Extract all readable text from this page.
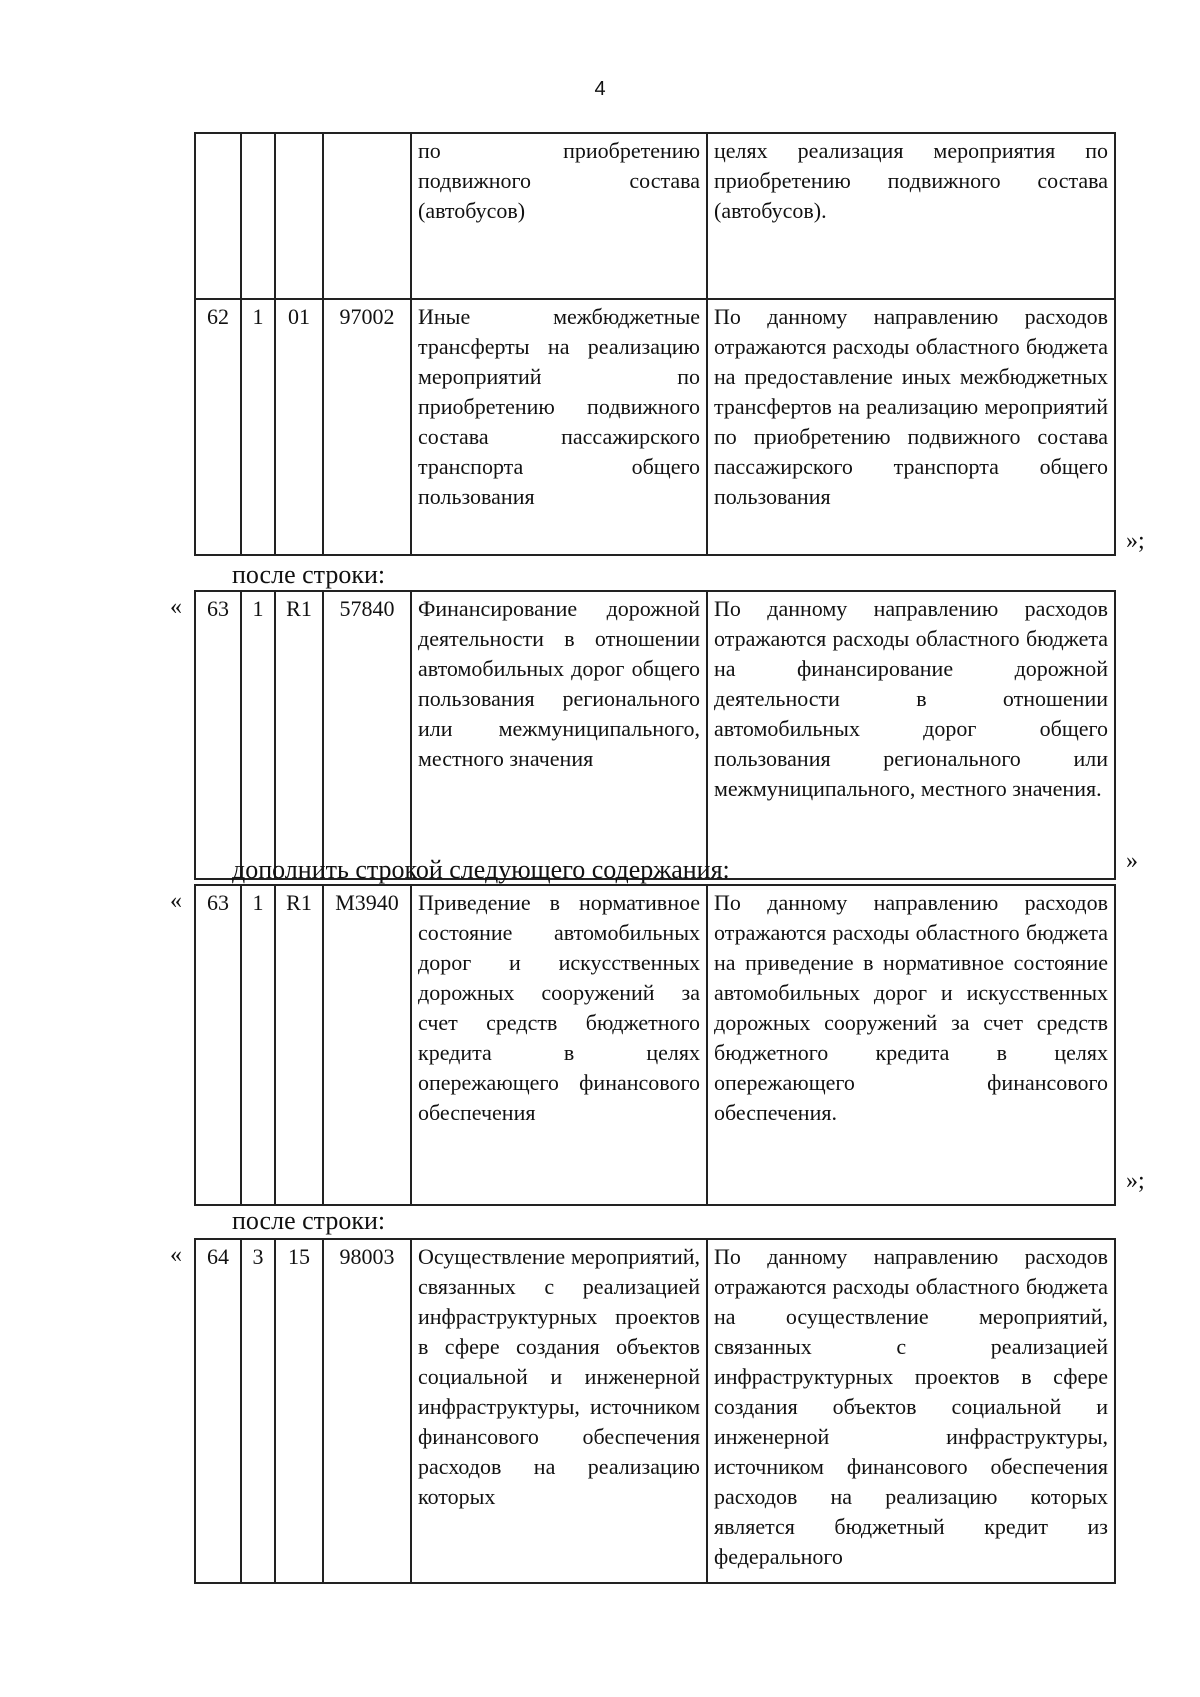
4
				по приобретению подвижного состава (автобусов)	целях реализация мероприятия по приобретению подвижного состава (автобусов).
62	1	01	97002	Иные межбюджетные трансферты на реализацию мероприятий по приобретению подвижного состава пассажирского транспорта общего пользования	По данному направлению расходов отражаются расходы областного бюджета на предоставление иных межбюджетных трансфертов на реализацию мероприятий по приобретению подвижного состава пассажирского транспорта общего пользования
»;
после строки:
« 63	1	R1	57840	Финансирование дорожной деятельности в отношении автомобильных дорог общего пользования регионального или межмуниципального, местного значения	По данному направлению расходов отражаются расходы областного бюджета на финансирование дорожной деятельности в отношении автомобильных дорог общего пользования регионального или межмуниципального, местного значения.
»
дополнить строкой следующего содержания:
« 63	1	R1	M3940	Приведение в нормативное состояние автомобильных дорог и искусственных дорожных сооружений за счет средств бюджетного кредита в целях опережающего финансового обеспечения	По данному направлению расходов отражаются расходы областного бюджета на приведение в нормативное состояние автомобильных дорог и искусственных дорожных сооружений за счет средств бюджетного кредита в целях опережающего финансового обеспечения.
»;
после строки:
« 64	3	15	98003	Осуществление мероприятий, связанных с реализацией инфраструктурных проектов в сфере создания объектов социальной и инженерной инфраструктуры, источником финансового обеспечения расходов на реализацию которых	По данному направлению расходов отражаются расходы областного бюджета на осуществление мероприятий, связанных с реализацией инфраструктурных проектов в сфере создания объектов социальной и инженерной инфраструктуры, источником финансового обеспечения расходов на реализацию которых является бюджетный кредит из федерального
